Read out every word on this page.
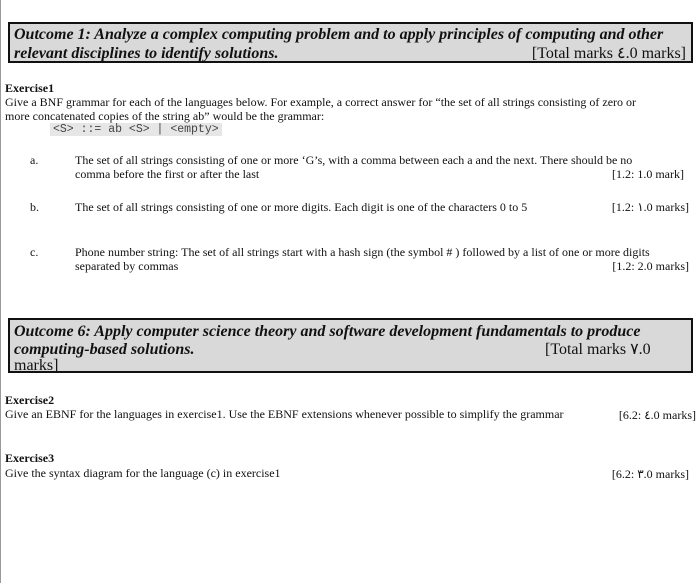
Outcome 1: Analyze a complex computing problem and to apply principles of computing and other
relevant disciplines to identify solutions.	[Total marks ٤.0 marks]
Exercise1
Give a BNF grammar for each of the languages below. For example, a correct answer for “the set of all strings consisting of zero or
more concatenated copies of the string ab” would be the grammar:
<S> ::= ab <S> | <empty>
a.	The set of all strings consisting of one or more ‘G’s, with a comma between each a and the next. There should be no
comma before the first or after the last	[1.2: 1.0 mark]
b.	The set of all strings consisting of one or more digits. Each digit is one of the characters 0 to 5	[1.2: ١.0 marks]
c.	Phone number string: The set of all strings start with a hash sign (the symbol # ) followed by a list of one or more digits
separated by commas	[1.2: 2.0 marks]
Outcome 6: Apply computer science theory and software development fundamentals to produce
computing-based solutions.	[Total marks ٧.0
marks]
Exercise2
Give an EBNF for the languages in exercise1. Use the EBNF extensions whenever possible to simplify the grammar	[6.2: ٤.0 marks]
Exercise3
Give the syntax diagram for the language (c) in exercise1	[6.2: ٣.0 marks]
